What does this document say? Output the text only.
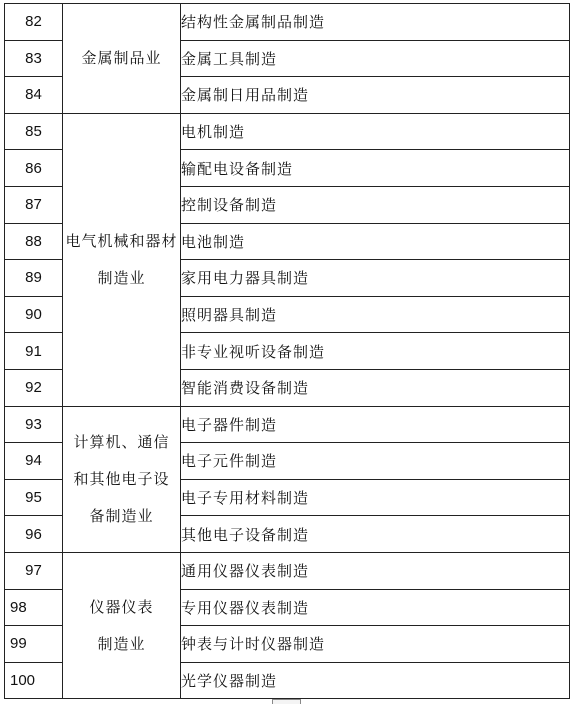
82	金属制品业	结构性金属制品制造
83		金属工具制造
84		金属制日用品制造
85	电气机械和器材制造业	电机制造
86		输配电设备制造
87		控制设备制造
88		电池制造
89		家用电力器具制造
90		照明器具制造
91		非专业视听设备制造
92		智能消费设备制造
93	计算机、通信和其他电子设备制造业	电子器件制造
94		电子元件制造
95		电子专用材料制造
96		其他电子设备制造
97	仪器仪表制造业	通用仪器仪表制造
98		专用仪器仪表制造
99		钟表与计时仪器制造
100		光学仪器制造
